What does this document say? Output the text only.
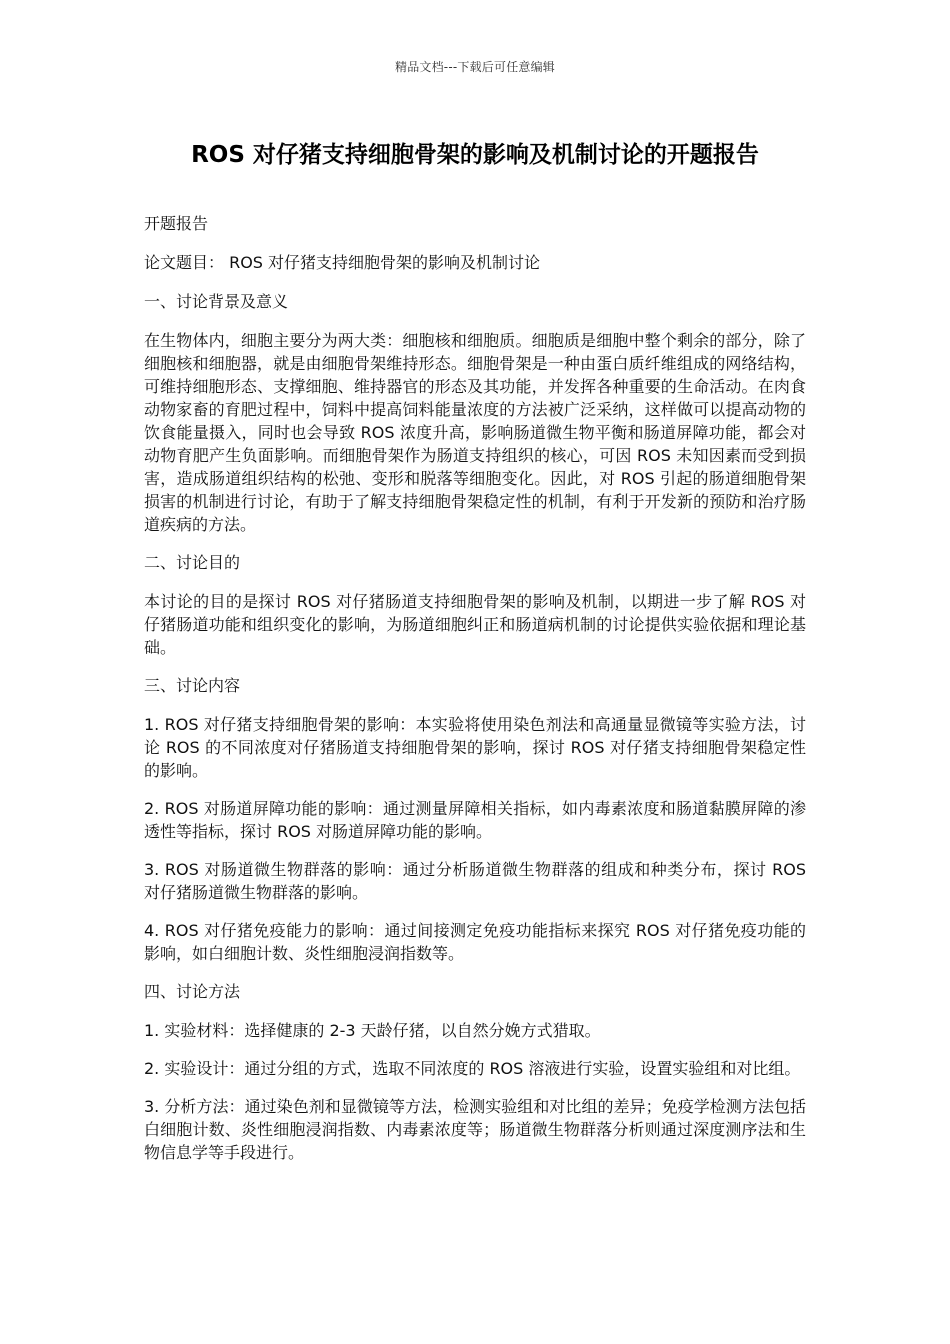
精品文档---下载后可任意编辑
ROS 对仔猪支持细胞骨架的影响及机制讨论的开题报告

开题报告

论文题目： ROS 对仔猪支持细胞骨架的影响及机制讨论

一、讨论背景及意义

在生物体内，细胞主要分为两大类：细胞核和细胞质。细胞质是细胞中整个剩余的部分，除了细胞核和细胞器，就是由细胞骨架维持形态。细胞骨架是一种由蛋白质纤维组成的网络结构，可维持细胞形态、支撑细胞、维持器官的形态及其功能，并发挥各种重要的生命活动。在肉食动物家畜的育肥过程中，饲料中提高饲料能量浓度的方法被广泛采纳，这样做可以提高动物的饮食能量摄入，同时也会导致 ROS 浓度升高，影响肠道微生物平衡和肠道屏障功能，都会对动物育肥产生负面影响。而细胞骨架作为肠道支持组织的核心，可因 ROS 未知因素而受到损害，造成肠道组织结构的松弛、变形和脱落等细胞变化。因此，对 ROS 引起的肠道细胞骨架损害的机制进行讨论，有助于了解支持细胞骨架稳定性的机制，有利于开发新的预防和治疗肠道疾病的方法。

二、讨论目的

本讨论的目的是探讨 ROS 对仔猪肠道支持细胞骨架的影响及机制，以期进一步了解 ROS 对仔猪肠道功能和组织变化的影响，为肠道细胞纠正和肠道病机制的讨论提供实验依据和理论基础。

三、讨论内容

1. ROS 对仔猪支持细胞骨架的影响：本实验将使用染色剂法和高通量显微镜等实验方法，讨论 ROS 的不同浓度对仔猪肠道支持细胞骨架的影响，探讨 ROS 对仔猪支持细胞骨架稳定性的影响。

2. ROS 对肠道屏障功能的影响：通过测量屏障相关指标，如内毒素浓度和肠道黏膜屏障的渗透性等指标，探讨 ROS 对肠道屏障功能的影响。

3. ROS 对肠道微生物群落的影响：通过分析肠道微生物群落的组成和种类分布，探讨 ROS 对仔猪肠道微生物群落的影响。

4. ROS 对仔猪免疫能力的影响：通过间接测定免疫功能指标来探究 ROS 对仔猪免疫功能的影响，如白细胞计数、炎性细胞浸润指数等。

四、讨论方法

1. 实验材料：选择健康的 2-3 天龄仔猪，以自然分娩方式猎取。

2. 实验设计：通过分组的方式，选取不同浓度的 ROS 溶液进行实验，设置实验组和对比组。

3. 分析方法：通过染色剂和显微镜等方法，检测实验组和对比组的差异；免疫学检测方法包括白细胞计数、炎性细胞浸润指数、内毒素浓度等；肠道微生物群落分析则通过深度测序法和生物信息学等手段进行。
